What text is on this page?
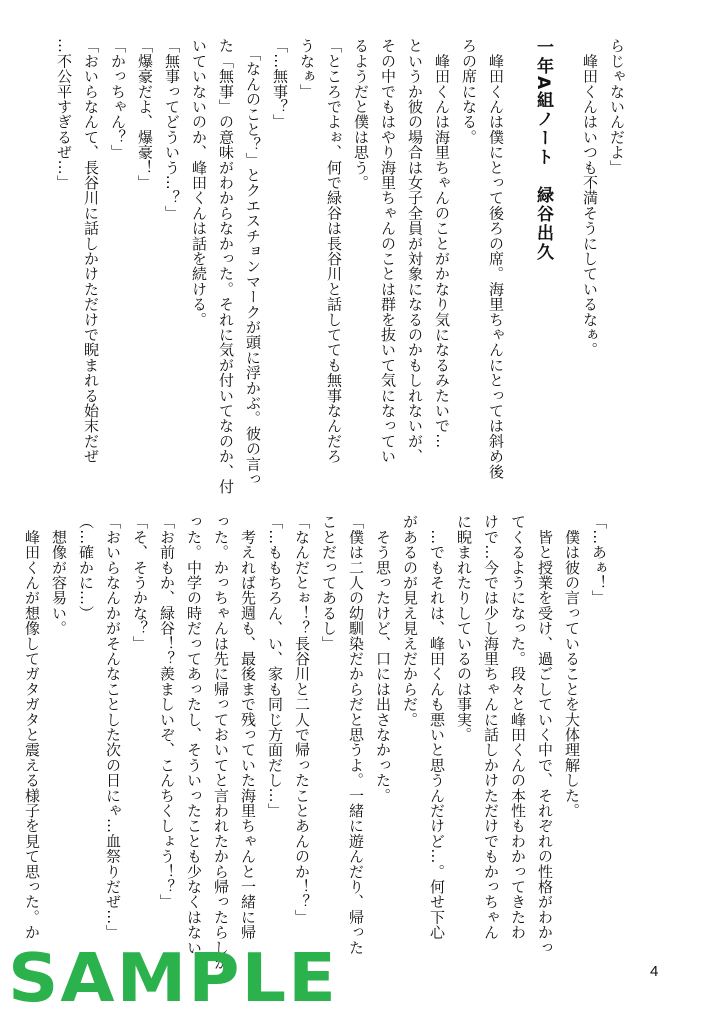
らじゃないんだよ」
　峰田くんはいつも不満そうにしているなぁ。
一年A組ノート　緑谷出久
　峰田くんは僕にとって後ろの席。海里ちゃんにとっては斜め後
ろの席になる。
　峰田くんは海里ちゃんのことがかなり気になるみたいで…
というか彼の場合は女子全員が対象になるのかもしれないが、
その中でもはやり海里ちゃんのことは群を抜いて気になってい
るようだと僕は思う。
「ところでよぉ、何で緑谷は長谷川と話してても無事なんだろ
うなぁ」
「…無事？」
　「なんのこと？」とクエスチョンマークが頭に浮かぶ。彼の言っ
た「無事」の意味がわからなかった。それに気が付いてなのか、付
いていないのか、峰田くんは話を続ける。
「無事ってどういう…？」
「爆豪だよ、爆豪！」
「かっちゃん？」
「おいらなんて、長谷川に話しかけただけで睨まれる始末だぜ
…不公平すぎるぜ…」
「…あぁ！」
　僕は彼の言っていることを大体理解した。
　皆と授業を受け、過ごしていく中で、それぞれの性格がわかっ
てくるようになった。段々と峰田くんの本性もわかってきたわ
けで…今では少し海里ちゃんに話しかけただけでもかっちゃん
に睨まれたりしているのは事実。
　…でもそれは、峰田くんも悪いと思うんだけど…。何せ下心
があるのが見え見えだからだ。
　そう思ったけど、口には出さなかった。
「僕は二人の幼馴染だからだと思うよ。一緒に遊んだり、帰った
ことだってあるし」
「なんだとぉ！？長谷川と二人で帰ったことあんのか！？」
「…ももちろん、い、家も同じ方面だし…」
　考えれば先週も、最後まで残っていた海里ちゃんと一緒に帰
った。かっちゃんは先に帰っておいてと言われたから帰ったらしか
った。中学の時だってあったし、そういったことも少なくはない。
「お前もか、緑谷！？羨ましいぞ、こんちくしょう！？」
「そ、そうかな？」
「おいらなんかがそんなことした次の日にゃ…血祭りだぜ…」
（…確かに…）
　想像が容易い。
　峰田くんが想像してガタガタと震える様子を見て思った。か
SAMPLE	4
